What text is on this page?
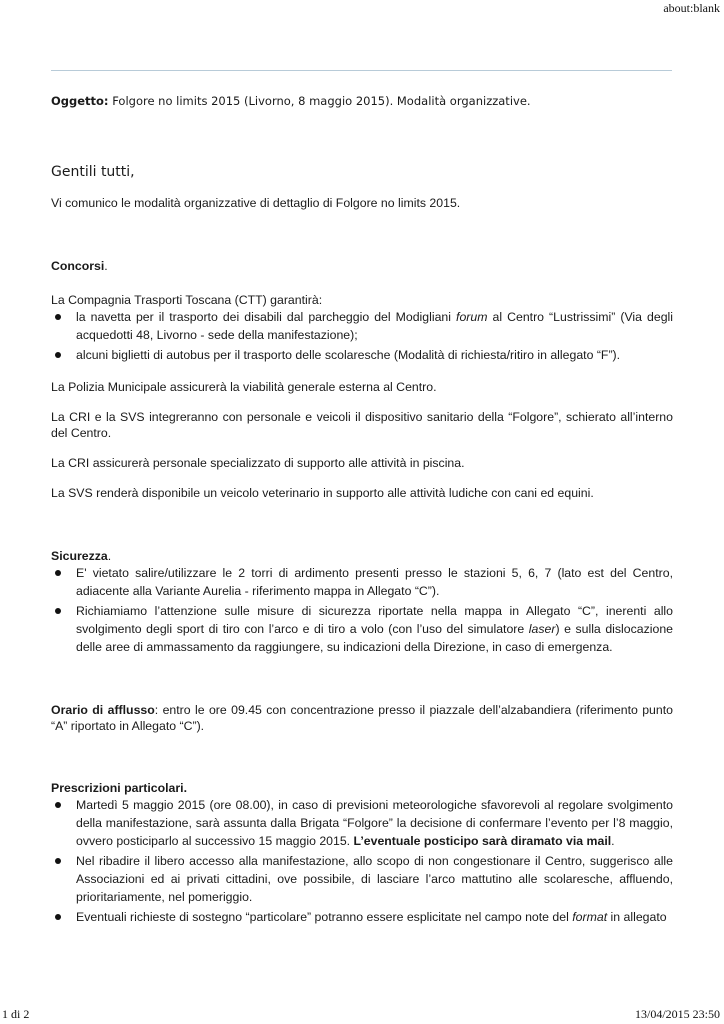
about:blank

Oggetto: Folgore no limits 2015 (Livorno, 8 maggio 2015). Modalità organizzative.

Gentili tutti,

Vi comunico le modalità organizzative di dettaglio di Folgore no limits 2015.

Concorsi.

La Compagnia Trasporti Toscana (CTT) garantirà:

la navetta per il trasporto dei disabili dal parcheggio del Modigliani forum al Centro “Lustrissimi” (Via degli acquedotti 48, Livorno - sede della manifestazione);
alcuni biglietti di autobus per il trasporto delle scolaresche (Modalità di richiesta/ritiro in allegato “F”).

La Polizia Municipale assicurerà la viabilità generale esterna al Centro.

La CRI e la SVS integreranno con personale e veicoli il dispositivo sanitario della “Folgore”, schierato all’interno del Centro.

La CRI assicurerà personale specializzato di supporto alle attività in piscina.

La SVS renderà disponibile un veicolo veterinario in supporto alle attività ludiche con cani ed equini.

Sicurezza.

E' vietato salire/utilizzare le 2 torri di ardimento presenti presso le stazioni 5, 6, 7 (lato est del Centro, adiacente alla Variante Aurelia - riferimento mappa in Allegato “C”).
Richiamiamo l’attenzione sulle misure di sicurezza riportate nella mappa in Allegato “C”, inerenti allo svolgimento degli sport di tiro con l’arco e di tiro a volo (con l’uso del simulatore laser) e sulla dislocazione delle aree di ammassamento da raggiungere, su indicazioni della Direzione, in caso di emergenza.

Orario di afflusso: entro le ore 09.45 con concentrazione presso il piazzale dell’alzabandiera (riferimento punto “A” riportato in Allegato “C”).

Prescrizioni particolari.

Martedì 5 maggio 2015 (ore 08.00), in caso di previsioni meteorologiche sfavorevoli al regolare svolgimento della manifestazione, sarà assunta dalla Brigata “Folgore” la decisione di confermare l’evento per l’8 maggio, ovvero posticiparlo al successivo 15 maggio 2015. L’eventuale posticipo sarà diramato via mail.
Nel ribadire il libero accesso alla manifestazione, allo scopo di non congestionare il Centro, suggerisco alle Associazioni ed ai privati cittadini, ove possibile, di lasciare l’arco mattutino alle scolaresche, affluendo, prioritariamente, nel pomeriggio.
Eventuali richieste di sostegno “particolare” potranno essere esplicitate nel campo note del format in allegato
1 di 2	13/04/2015 23:50
